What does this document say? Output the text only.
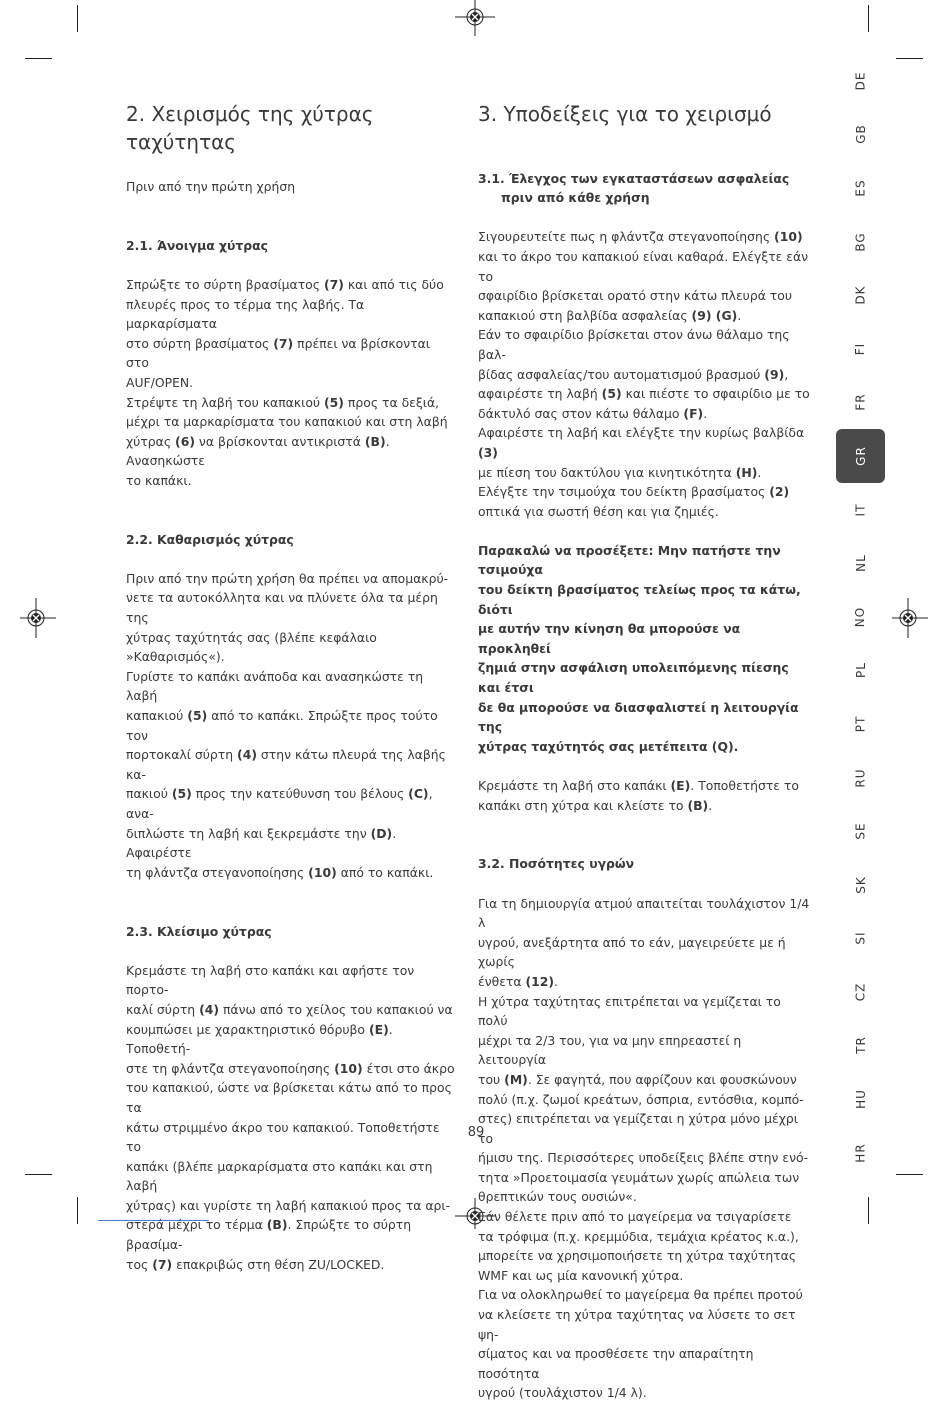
2. Χειρισμός της χύτρας ταχύτητας

Πριν από την πρώτη χρήση

2.1. Άνοιγμα χύτρας

Σπρώξτε το σύρτη βρασίματος (7) και από τις δύο

πλευρές προς το τέρμα της λαβής. Τα μαρκαρίσματα

στο σύρτη βρασίματος (7) πρέπει να βρίσκονται στο

AUF/OPEN.

Στρέψτε τη λαβή του καπακιού (5) προς τα δεξιά,

μέχρι τα μαρκαρίσματα του καπακιού και στη λαβή

χύτρας (6) να βρίσκονται αντικριστά (B). Ανασηκώστε

το καπάκι.

2.2. Καθαρισμός χύτρας

Πριν από την πρώτη χρήση θα πρέπει να απομακρύ-

νετε τα αυτοκόλλητα και να πλύνετε όλα τα μέρη της

χύτρας ταχύτητάς σας (βλέπε κεφάλαιο »Καθαρισμός«).

Γυρίστε το καπάκι ανάποδα και ανασηκώστε τη λαβή

καπακιού (5) από το καπάκι. Σπρώξτε προς τούτο τον

πορτοκαλί σύρτη (4) στην κάτω πλευρά της λαβής κα-

πακιού (5) προς την κατεύθυνση του βέλους (C), ανα-

διπλώστε τη λαβή και ξεκρεμάστε την (D). Αφαιρέστε

τη φλάντζα στεγανοποίησης (10) από το καπάκι.

2.3. Κλείσιμο χύτρας

Κρεμάστε τη λαβή στο καπάκι και αφήστε τον πορτο-

καλί σύρτη (4) πάνω από το χείλος του καπακιού να

κουμπώσει με χαρακτηριστικό θόρυβο (E). Τοποθετή-

στε τη φλάντζα στεγανοποίησης (10) έτσι στο άκρο

του καπακιού, ώστε να βρίσκεται κάτω από το προς τα

κάτω στριμμένο άκρο του καπακιού. Τοποθετήστε το

καπάκι (βλέπε μαρκαρίσματα στο καπάκι και στη λαβή

χύτρας) και γυρίστε τη λαβή καπακιού προς τα αρι-

στερά μέχρι το τέρμα (B). Σπρώξτε το σύρτη βρασίμα-

τος (7) επακριβώς στη θέση ZU/LOCKED.

3. Υποδείξεις για το χειρισμό

3.1. Έλεγχος των εγκαταστάσεων ασφαλείας

πριν από κάθε χρήση

Σιγουρευτείτε πως η φλάντζα στεγανοποίησης (10)

και το άκρο του καπακιού είναι καθαρά. Ελέγξτε εάν το

σφαιρίδιο βρίσκεται ορατό στην κάτω πλευρά του

καπακιού στη βαλβίδα ασφαλείας (9) (G).

Εάν το σφαιρίδιο βρίσκεται στον άνω θάλαμο της βαλ-

βίδας ασφαλείας/του αυτοματισμού βρασμού (9),

αφαιρέστε τη λαβή (5) και πιέστε το σφαιρίδιο με το

δάκτυλό σας στον κάτω θάλαμο (F).

Αφαιρέστε τη λαβή και ελέγξτε την κυρίως βαλβίδα (3)

με πίεση του δακτύλου για κινητικότητα (H).

Ελέγξτε την τσιμούχα του δείκτη βρασίματος (2)

οπτικά για σωστή θέση και για ζημιές.

Παρακαλώ να προσέξετε: Μην πατήστε την τσιμούχα

του δείκτη βρασίματος τελείως προς τα κάτω, διότι

με αυτήν την κίνηση θα μπορούσε να προκληθεί

ζημιά στην ασφάλιση υπολειπόμενης πίεσης και έτσι

δε θα μπορούσε να διασφαλιστεί η λειτουργία της

χύτρας ταχύτητός σας μετέπειτα (Q).

Κρεμάστε τη λαβή στο καπάκι (E). Τοποθετήστε το

καπάκι στη χύτρα και κλείστε το (B).

3.2. Ποσότητες υγρών

Για τη δημιουργία ατμού απαιτείται τουλάχιστον 1/4 λ

υγρού, ανεξάρτητα από το εάν, μαγειρεύετε με ή χωρίς

ένθετα (12).

Η χύτρα ταχύτητας επιτρέπεται να γεμίζεται το πολύ

μέχρι τα 2/3 του, για να μην επηρεαστεί η λειτουργία

του (M). Σε φαγητά, που αφρίζουν και φουσκώνουν

πολύ (π.χ. ζωμοί κρεάτων, όσπρια, εντόσθια, κομπό-

στες) επιτρέπεται να γεμίζεται η χύτρα μόνο μέχρι το

ήμισυ της. Περισσότερες υποδείξεις βλέπε στην ενό-

τητα »Προετοιμασία γευμάτων χωρίς απώλεια των

θρεπτικών τους ουσιών«.

Εάν θέλετε πριν από το μαγείρεμα να τσιγαρίσετε

τα τρόφιμα (π.χ. κρεμμύδια, τεμάχια κρέατος κ.α.),

μπορείτε να χρησιμοποιήσετε τη χύτρα ταχύτητας

WMF και ως μία κανονική χύτρα.

Για να ολοκληρωθεί το μαγείρεμα θα πρέπει προτού

να κλείσετε τη χύτρα ταχύτητας να λύσετε το σετ ψη-

σίματος και να προσθέσετε την απαραίτητη ποσότητα

υγρού (τουλάχιστον 1/4 λ).

89
DE
GB
ES
BG
DK
FI
FR
GR
IT
NL
NO
PL
PT
RU
SE
SK
SI
CZ
TR
HU
HR
